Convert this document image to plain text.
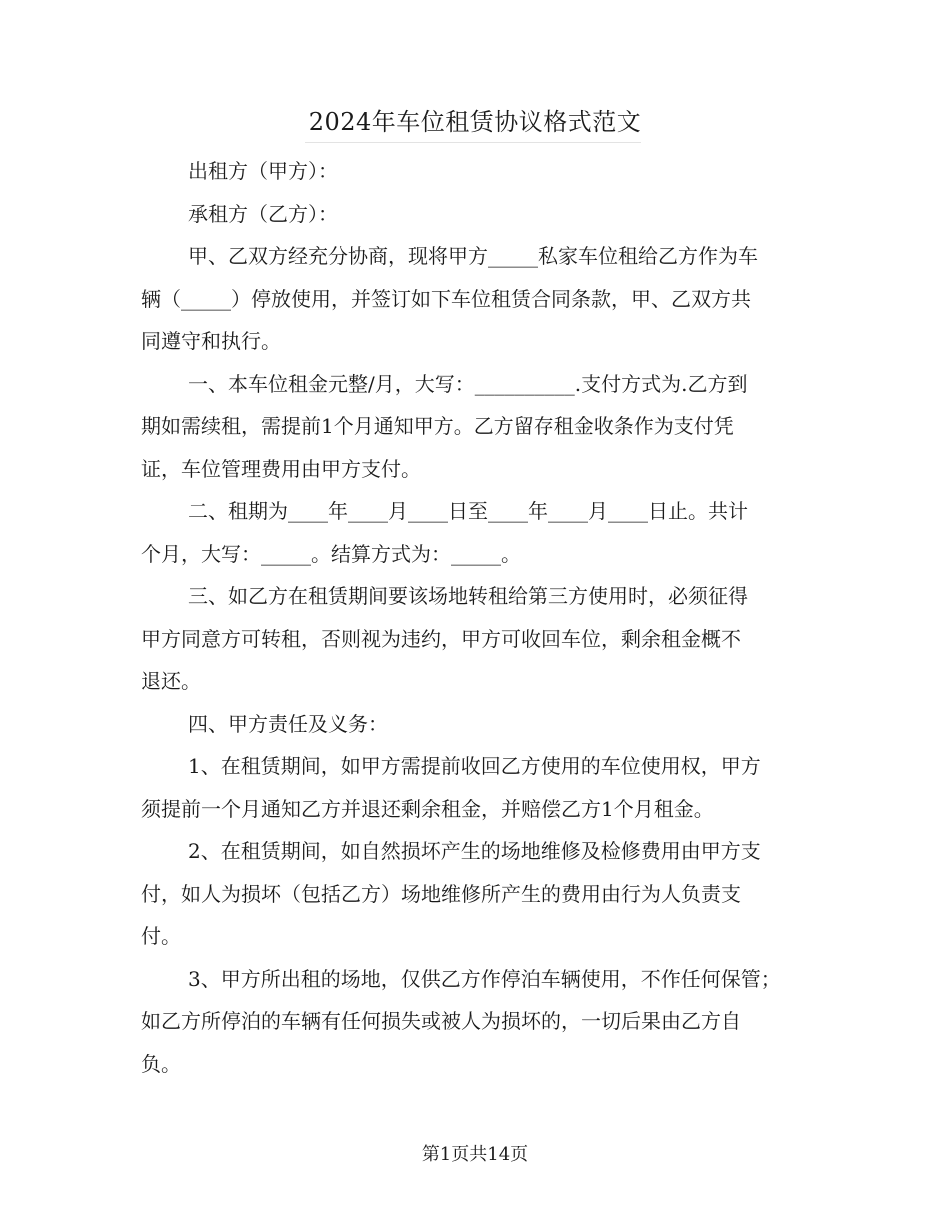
2024年车位租赁协议格式范文
出租方（甲方）：
承租方（乙方）：
甲、乙双方经充分协商，现将甲方_____私家车位租给乙方作为车
辆（_____）停放使用，并签订如下车位租赁合同条款，甲、乙双方共
同遵守和执行。
一、本车位租金元整/月，大写：__________.支付方式为.乙方到
期如需续租，需提前1个月通知甲方。乙方留存租金收条作为支付凭
证，车位管理费用由甲方支付。
二、租期为____年____月____日至____年____月____日止。共计
个月，大写：_____。结算方式为：_____。
三、如乙方在租赁期间要该场地转租给第三方使用时，必须征得
甲方同意方可转租，否则视为违约，甲方可收回车位，剩余租金概不
退还。
四、甲方责任及义务：
1、在租赁期间，如甲方需提前收回乙方使用的车位使用权，甲方
须提前一个月通知乙方并退还剩余租金，并赔偿乙方1个月租金。
2、在租赁期间，如自然损坏产生的场地维修及检修费用由甲方支
付，如人为损坏（包括乙方）场地维修所产生的费用由行为人负责支
付。
3、甲方所出租的场地，仅供乙方作停泊车辆使用，不作任何保管；
如乙方所停泊的车辆有任何损失或被人为损坏的，一切后果由乙方自
负。
第1页共14页
